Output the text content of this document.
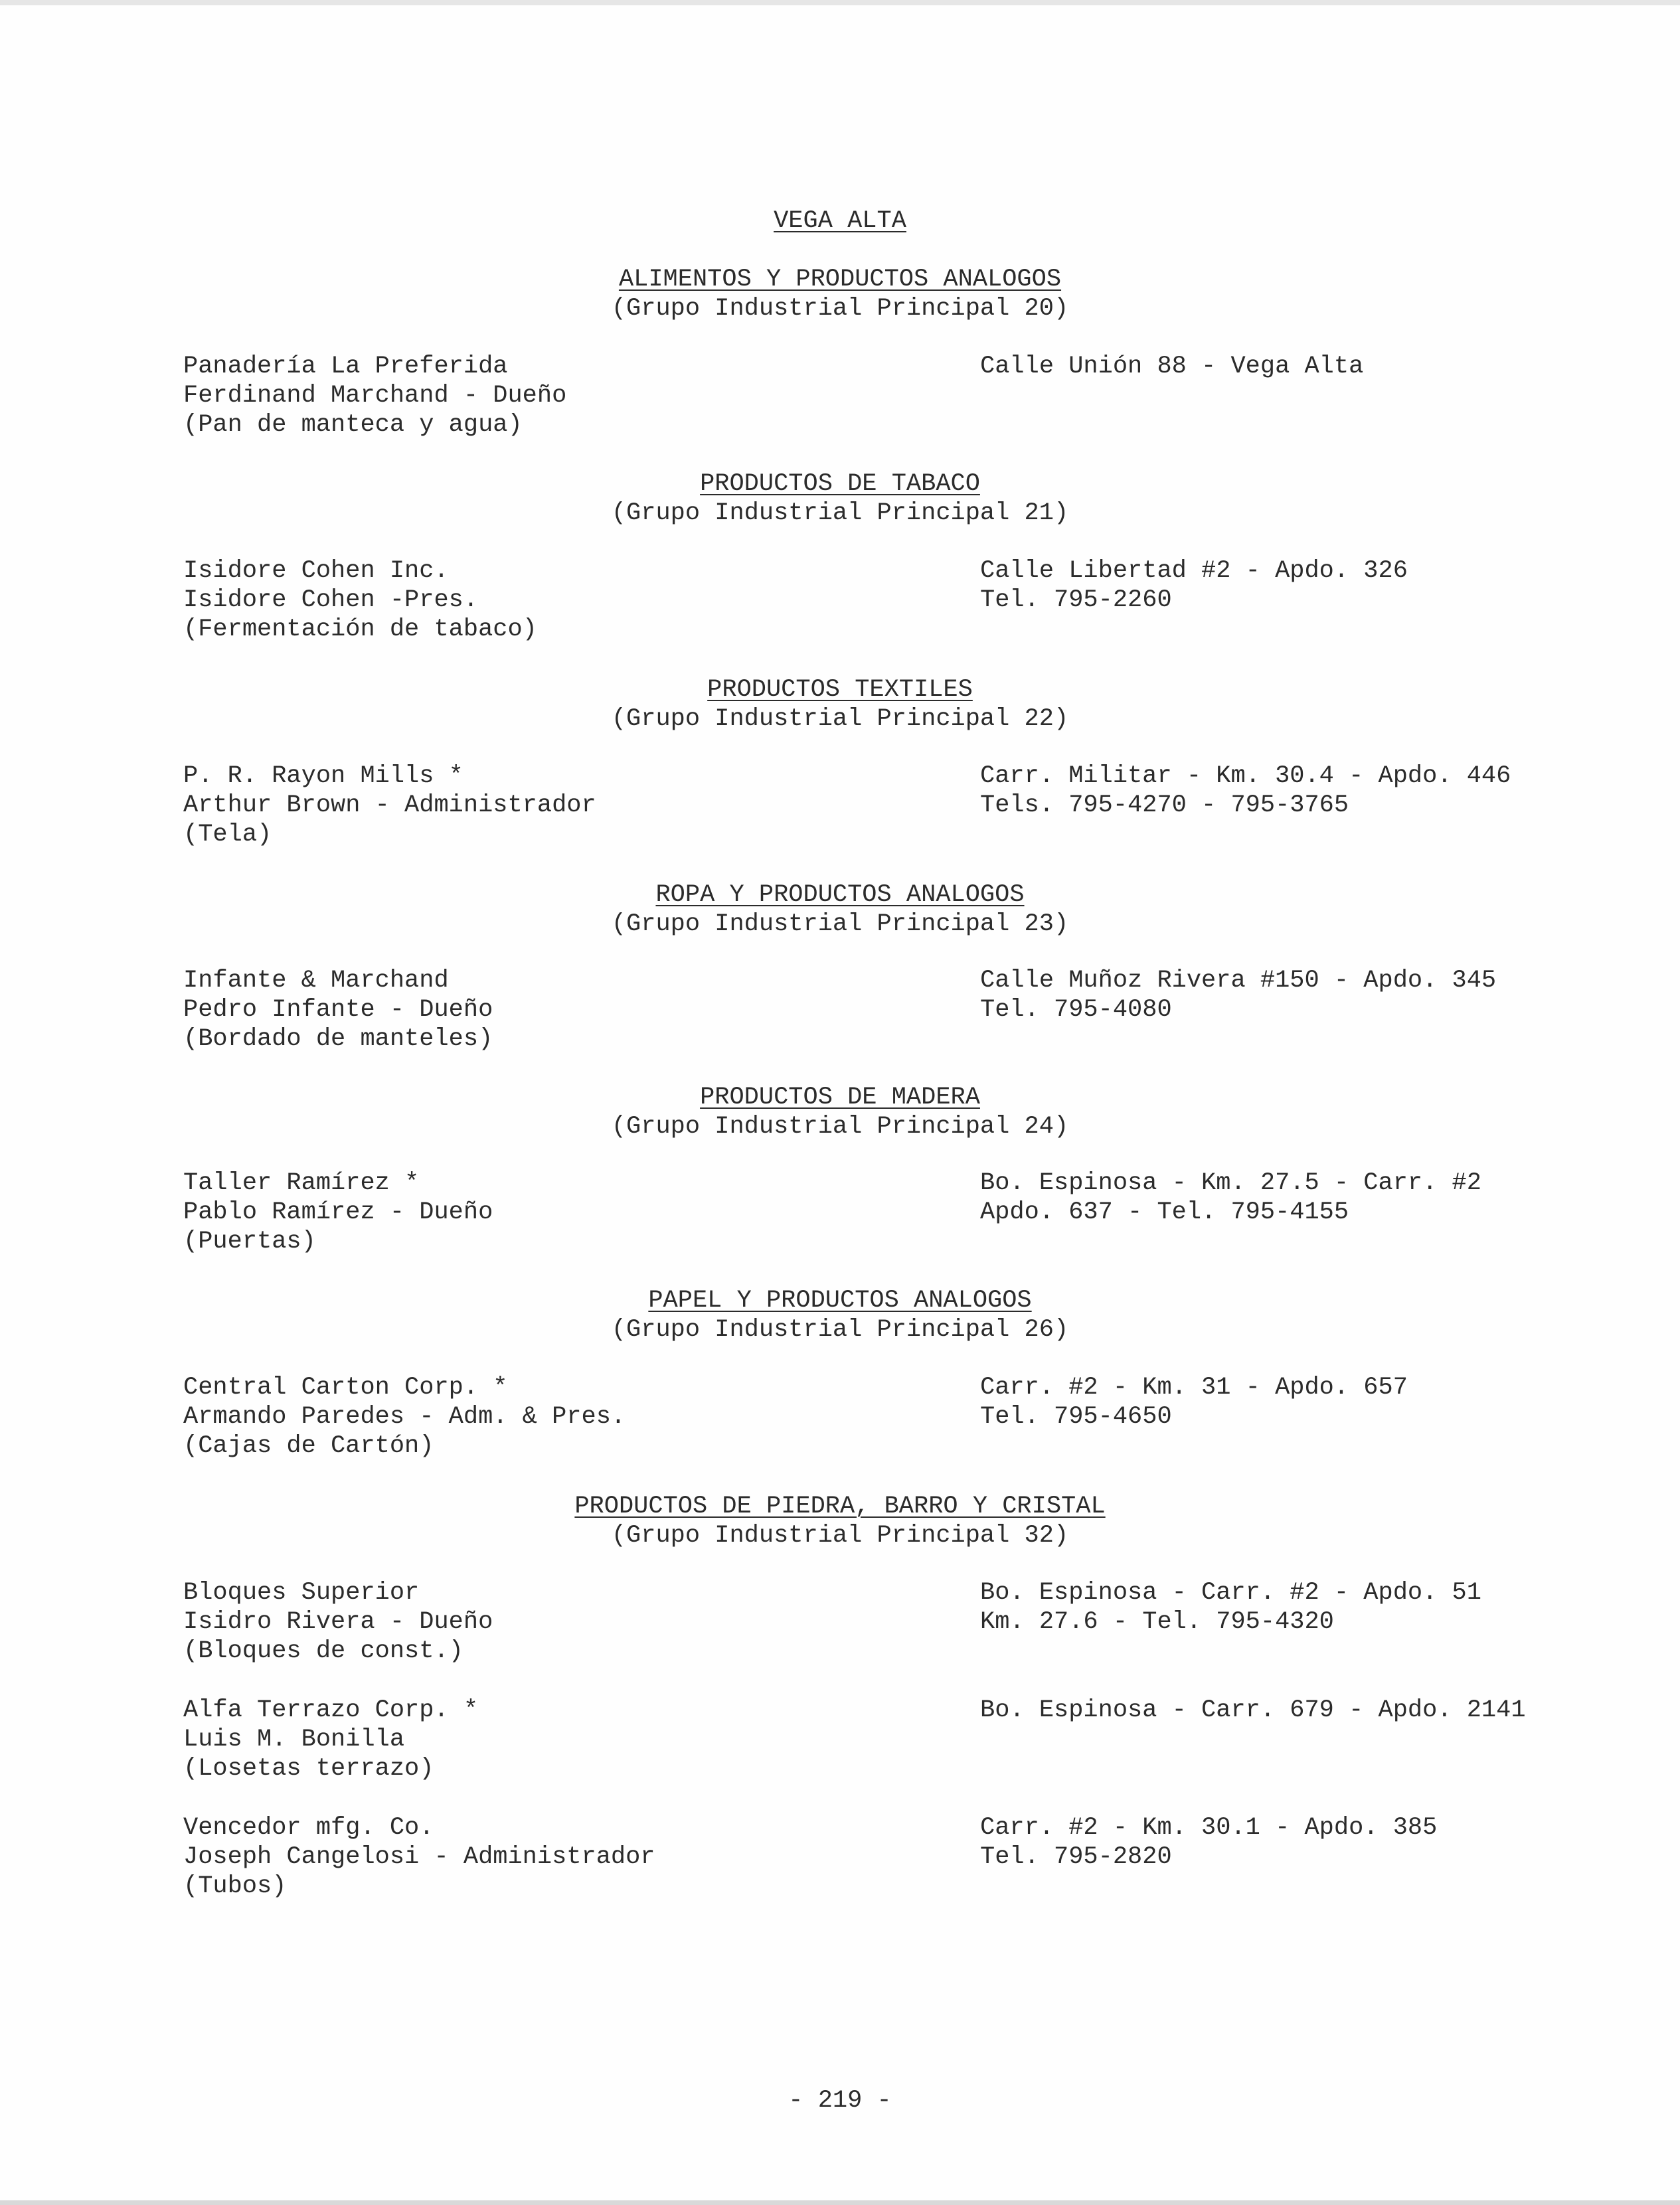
VEGA ALTA
ALIMENTOS Y PRODUCTOS ANALOGOS
(Grupo Industrial Principal 20)
Panadería La Preferida
Ferdinand Marchand - Dueño
(Pan de manteca y agua)
Calle Unión 88 - Vega Alta
PRODUCTOS DE TABACO
(Grupo Industrial Principal 21)
Isidore Cohen Inc.
Isidore Cohen -Pres.
(Fermentación de tabaco)
Calle Libertad #2 - Apdo. 326
Tel. 795-2260
PRODUCTOS TEXTILES
(Grupo Industrial Principal 22)
P. R. Rayon Mills *
Arthur Brown - Administrador
(Tela)
Carr. Militar - Km. 30.4 - Apdo. 446
Tels. 795-4270 - 795-3765
ROPA Y PRODUCTOS ANALOGOS
(Grupo Industrial Principal 23)
Infante & Marchand
Pedro Infante - Dueño
(Bordado de manteles)
Calle Muñoz Rivera #150 - Apdo. 345
Tel. 795-4080
PRODUCTOS DE MADERA
(Grupo Industrial Principal 24)
Taller Ramírez *
Pablo Ramírez - Dueño
(Puertas)
Bo. Espinosa - Km. 27.5 - Carr. #2
Apdo. 637 - Tel. 795-4155
PAPEL Y PRODUCTOS ANALOGOS
(Grupo Industrial Principal 26)
Central Carton Corp. *
Armando Paredes - Adm. & Pres.
(Cajas de Cartón)
Carr. #2 - Km. 31 - Apdo. 657
Tel. 795-4650
PRODUCTOS DE PIEDRA, BARRO Y CRISTAL
(Grupo Industrial Principal 32)
Bloques Superior
Isidro Rivera - Dueño
(Bloques de const.)
Bo. Espinosa - Carr. #2 - Apdo. 51
Km. 27.6 - Tel. 795-4320
Alfa Terrazo Corp. *
Luis M. Bonilla
(Losetas terrazo)
Bo. Espinosa - Carr. 679 - Apdo. 2141
Vencedor mfg. Co.
Joseph Cangelosi - Administrador
(Tubos)
Carr. #2 - Km. 30.1 - Apdo. 385
Tel. 795-2820
- 219 -
